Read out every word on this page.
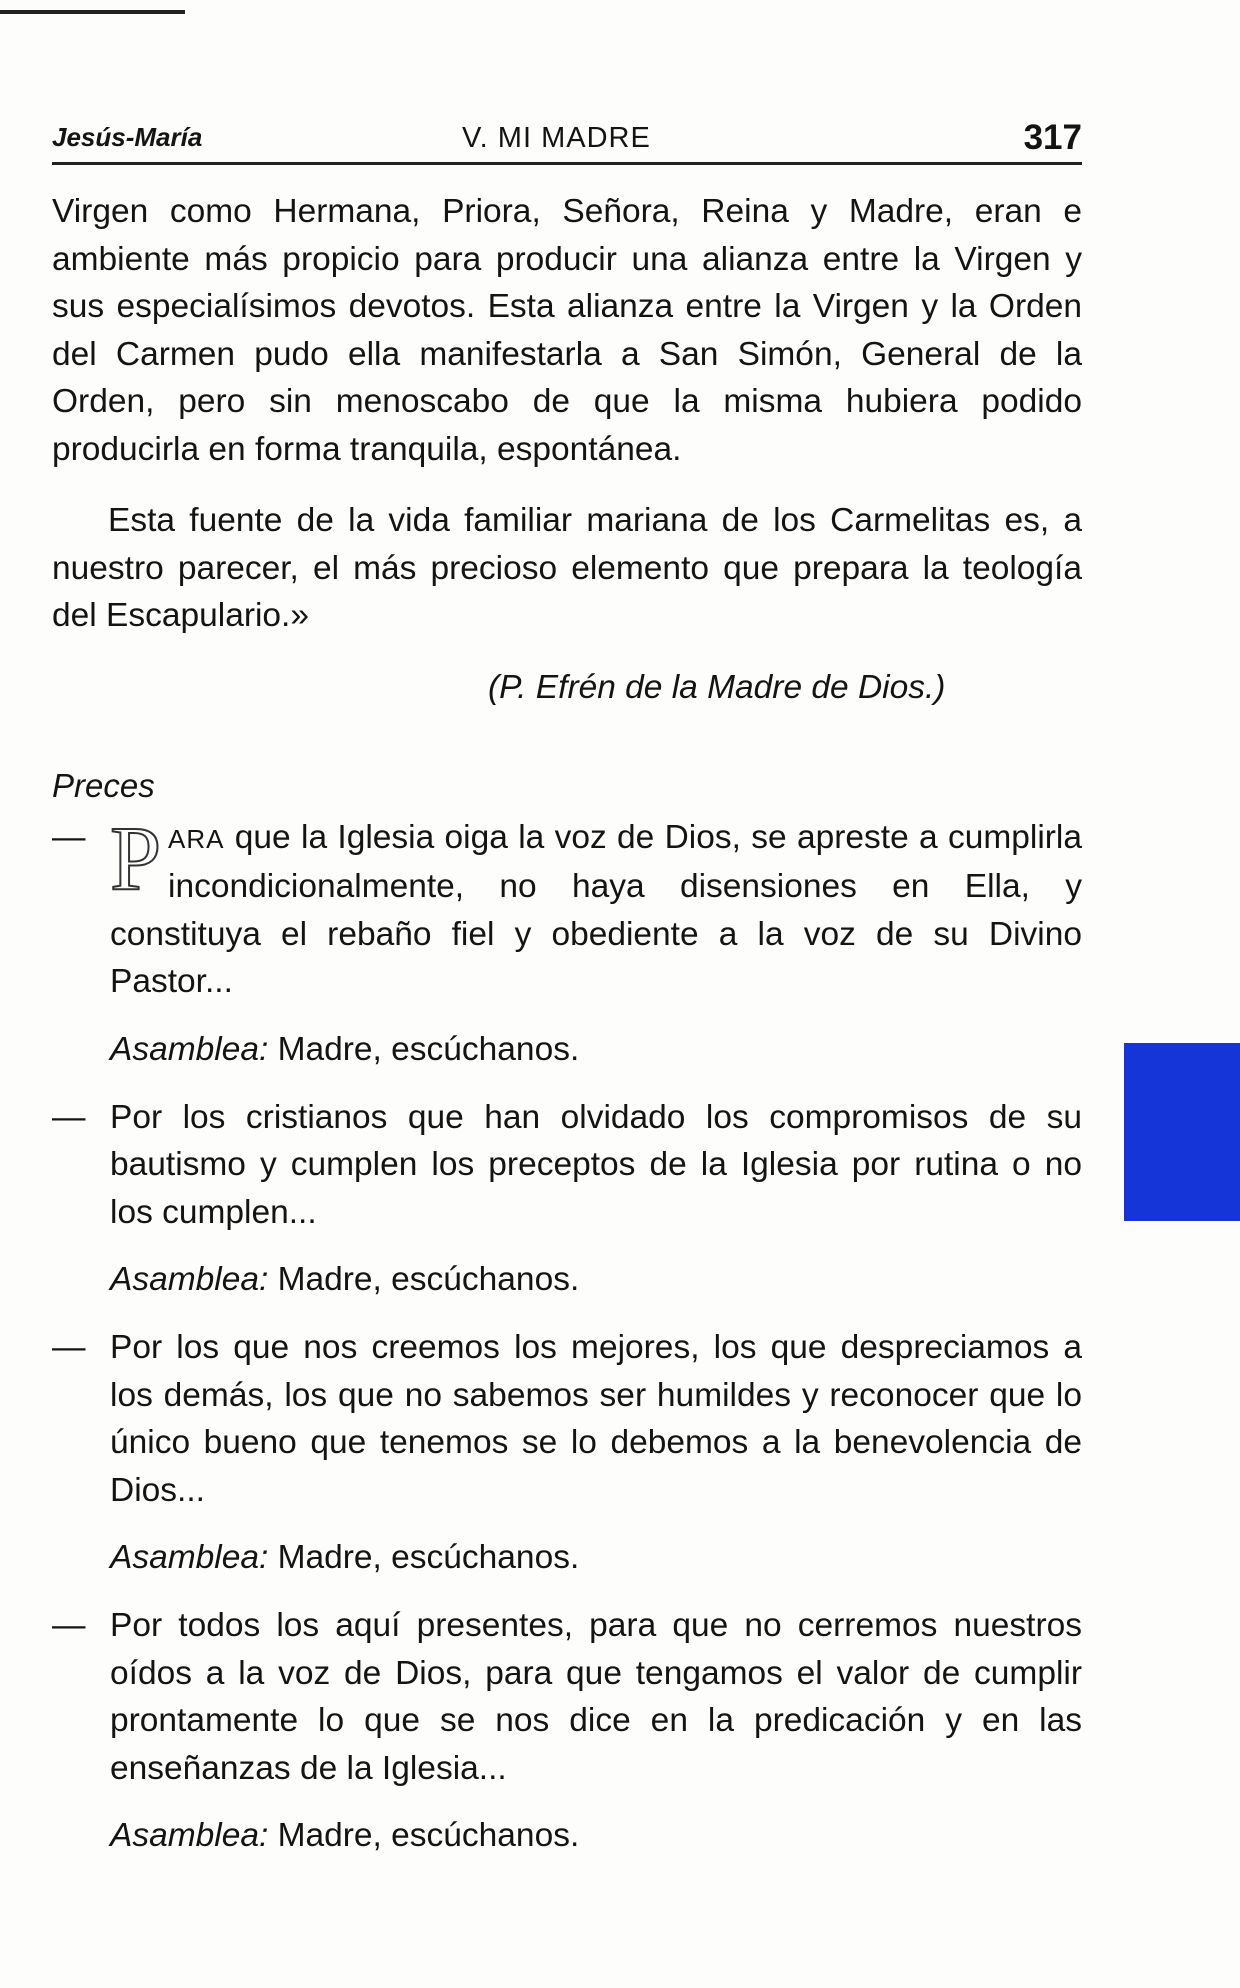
Jesús-María	V. MI MADRE	317

Virgen como Hermana, Priora, Señora, Reina y Madre, eran e ambiente más propicio para producir una alianza entre la Virgen y sus especialísimos devotos. Esta alianza entre la Virgen y la Orden del Carmen pudo ella manifestarla a San Simón, General de la Orden, pero sin menoscabo de que la misma hubiera podido producirla en forma tranquila, espontánea.

Esta fuente de la vida familiar mariana de los Carmelitas es, a nuestro parecer, el más precioso elemento que prepara la teología del Escapulario.»

(P. Efrén de la Madre de Dios.)
Preces
— P ARA que la Iglesia oiga la voz de Dios, se apreste a cumplirla incondicionalmente, no haya disensiones en Ella, y constituya el rebaño fiel y obediente a la voz de su Divino Pastor...

Asamblea: Madre, escúchanos.
— Por los cristianos que han olvidado los compromisos de su bautismo y cumplen los preceptos de la Iglesia por rutina o no los cumplen...

Asamblea: Madre, escúchanos.
— Por los que nos creemos los mejores, los que despreciamos a los demás, los que no sabemos ser humildes y reconocer que lo único bueno que tenemos se lo debemos a la benevolencia de Dios...

Asamblea: Madre, escúchanos.
— Por todos los aquí presentes, para que no cerremos nuestros oídos a la voz de Dios, para que tengamos el valor de cumplir prontamente lo que se nos dice en la predicación y en las enseñanzas de la Iglesia...

Asamblea: Madre, escúchanos.
